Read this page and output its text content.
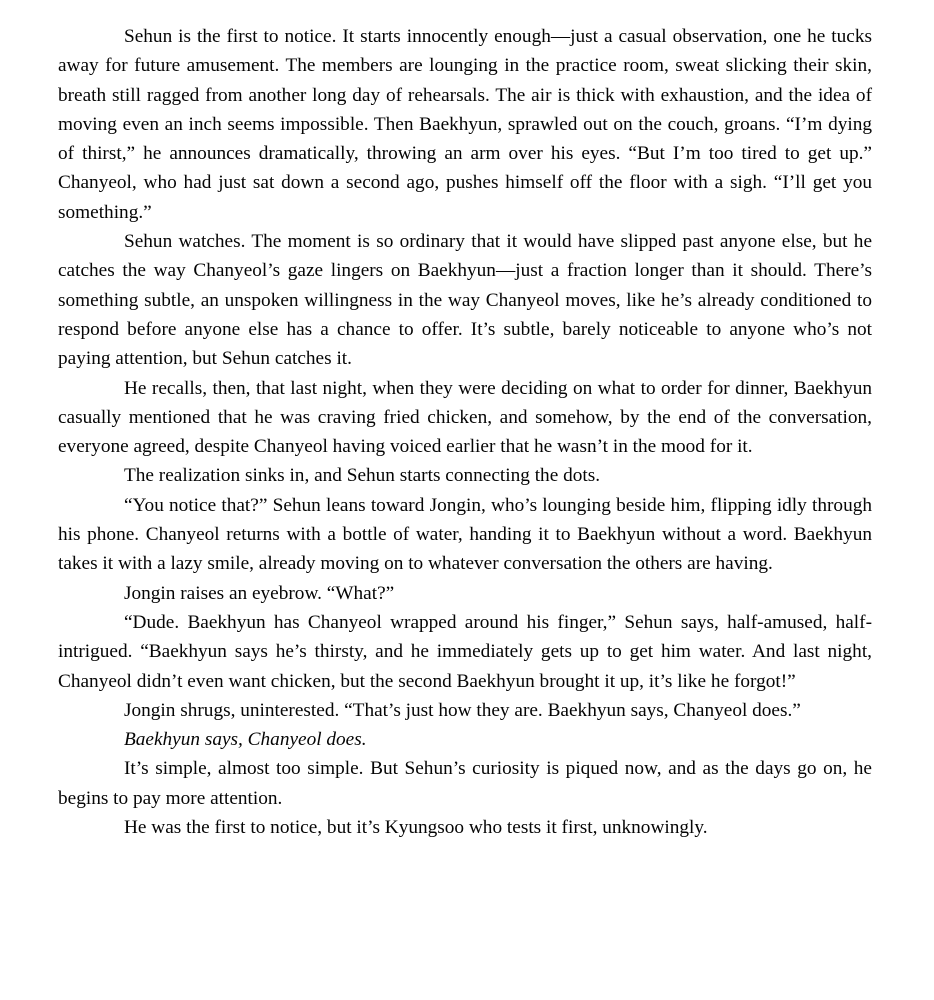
Sehun is the first to notice. It starts innocently enough—just a casual observation, one he tucks away for future amusement. The members are lounging in the practice room, sweat slicking their skin, breath still ragged from another long day of rehearsals. The air is thick with exhaustion, and the idea of moving even an inch seems impossible. Then Baekhyun, sprawled out on the couch, groans. “I’m dying of thirst,” he announces dramatically, throwing an arm over his eyes. “But I’m too tired to get up.” Chanyeol, who had just sat down a second ago, pushes himself off the floor with a sigh. “I’ll get you something.”

Sehun watches. The moment is so ordinary that it would have slipped past anyone else, but he catches the way Chanyeol’s gaze lingers on Baekhyun—just a fraction longer than it should. There’s something subtle, an unspoken willingness in the way Chanyeol moves, like he’s already conditioned to respond before anyone else has a chance to offer. It’s subtle, barely noticeable to anyone who’s not paying attention, but Sehun catches it.

He recalls, then, that last night, when they were deciding on what to order for dinner, Baekhyun casually mentioned that he was craving fried chicken, and somehow, by the end of the conversation, everyone agreed, despite Chanyeol having voiced earlier that he wasn’t in the mood for it.

The realization sinks in, and Sehun starts connecting the dots.

“You notice that?” Sehun leans toward Jongin, who’s lounging beside him, flipping idly through his phone. Chanyeol returns with a bottle of water, handing it to Baekhyun without a word. Baekhyun takes it with a lazy smile, already moving on to whatever conversation the others are having.

Jongin raises an eyebrow. “What?”

“Dude. Baekhyun has Chanyeol wrapped around his finger,” Sehun says, half-amused, half-intrigued. “Baekhyun says he’s thirsty, and he immediately gets up to get him water. And last night, Chanyeol didn’t even want chicken, but the second Baekhyun brought it up, it’s like he forgot!”

Jongin shrugs, uninterested. “That’s just how they are. Baekhyun says, Chanyeol does.”

Baekhyun says, Chanyeol does.

It’s simple, almost too simple. But Sehun’s curiosity is piqued now, and as the days go on, he begins to pay more attention.

He was the first to notice, but it’s Kyungsoo who tests it first, unknowingly.
